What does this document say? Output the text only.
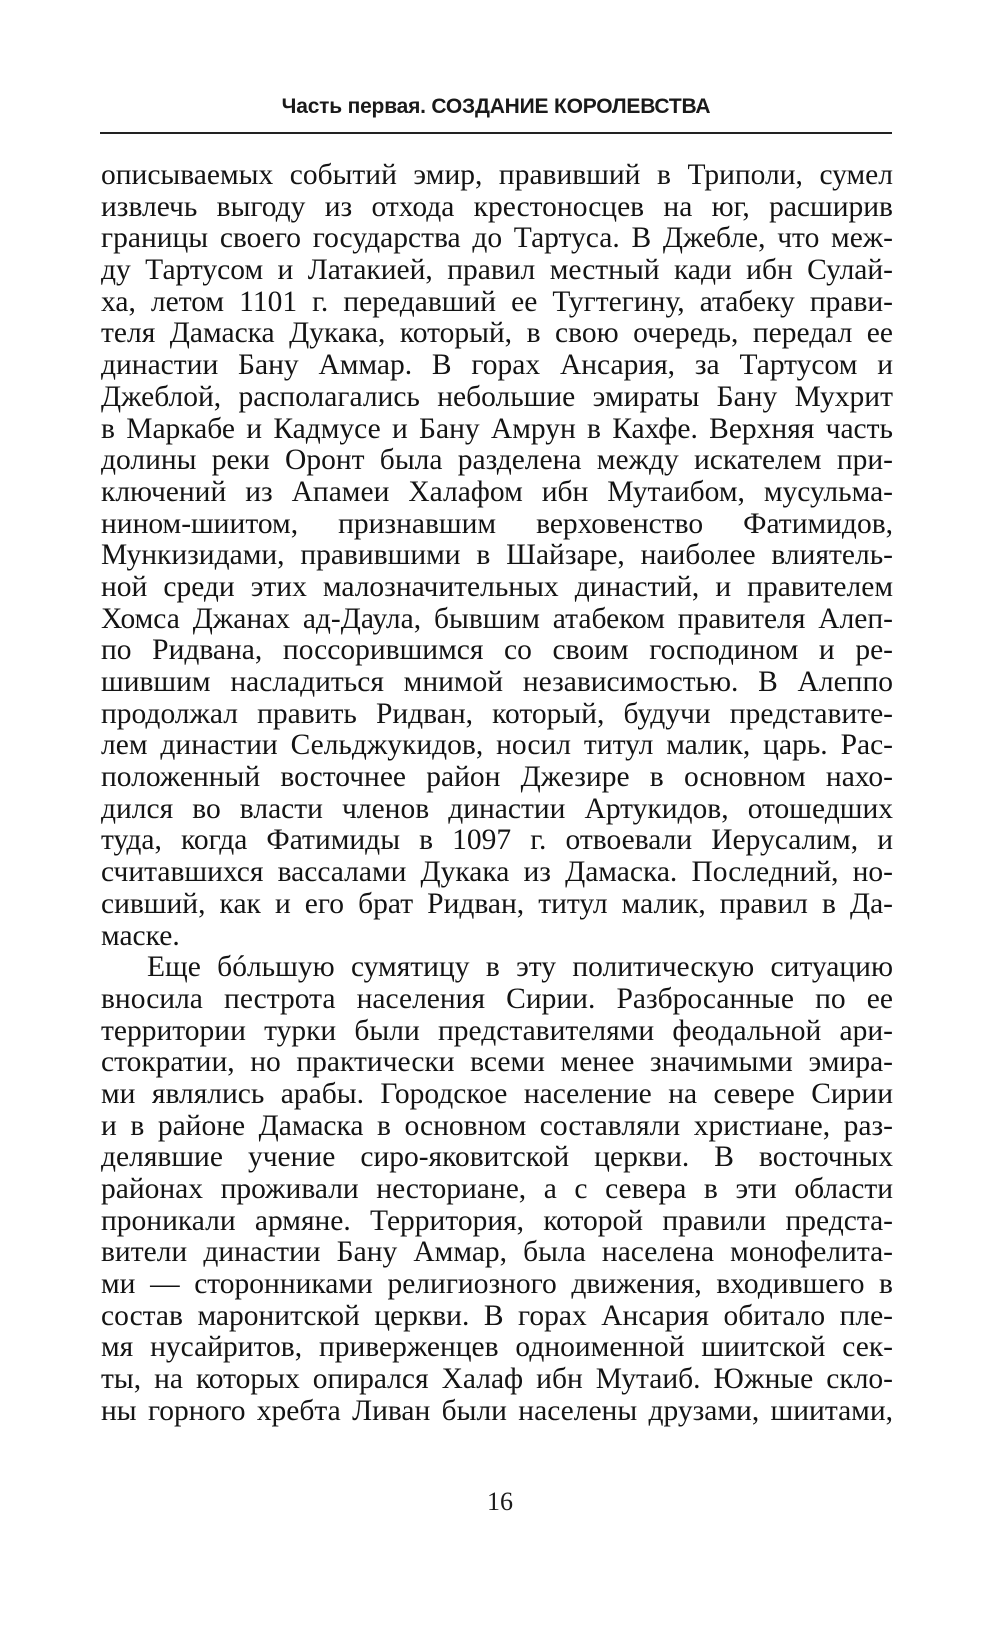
Часть первая. СОЗДАНИЕ КОРОЛЕВСТВА
описываемых событий эмир, правивший в Триполи, сумел
извлечь выгоду из отхода крестоносцев на юг, расширив
границы своего государства до Тартуса. В Джебле, что меж-
ду Тартусом и Латакией, правил местный кади ибн Сулай-
ха, летом 1101 г. передавший ее Тугтегину, атабеку прави-
теля Дамаска Дукака, который, в свою очередь, передал ее
династии Бану Аммар. В горах Ансария, за Тартусом и
Джеблой, располагались небольшие эмираты Бану Мухрит
в Маркабе и Кадмусе и Бану Амрун в Кахфе. Верхняя часть
долины реки Оронт была разделена между искателем при-
ключений из Апамеи Халафом ибн Мутаибом, мусульма-
нином-шиитом, признавшим верховенство Фатимидов,
Мункизидами, правившими в Шайзаре, наиболее влиятель-
ной среди этих малозначительных династий, и правителем
Хомса Джанах ад-Даула, бывшим атабеком правителя Алеп-
по Ридвана, поссорившимся со своим господином и ре-
шившим насладиться мнимой независимостью. В Алеппо
продолжал править Ридван, который, будучи представите-
лем династии Сельджукидов, носил титул малик, царь. Рас-
положенный восточнее район Джезире в основном нахо-
дился во власти членов династии Артукидов, отошедших
туда, когда Фатимиды в 1097 г. отвоевали Иерусалим, и
считавшихся вассалами Дукака из Дамаска. Последний, но-
сивший, как и его брат Ридван, титул малик, правил в Да-
маске.
Еще бóльшую сумятицу в эту политическую ситуацию
вносила пестрота населения Сирии. Разбросанные по ее
территории турки были представителями феодальной ари-
стократии, но практически всеми менее значимыми эмира-
ми являлись арабы. Городское население на севере Сирии
и в районе Дамаска в основном составляли христиане, раз-
делявшие учение сиро-яковитской церкви. В восточных
районах проживали несториане, а с севера в эти области
проникали армяне. Территория, которой правили предста-
вители династии Бану Аммар, была населена монофелита-
ми — сторонниками религиозного движения, входившего в
состав маронитской церкви. В горах Ансария обитало пле-
мя нусайритов, приверженцев одноименной шиитской сек-
ты, на которых опирался Халаф ибн Мутаиб. Южные скло-
ны горного хребта Ливан были населены друзами, шиитами,
16
